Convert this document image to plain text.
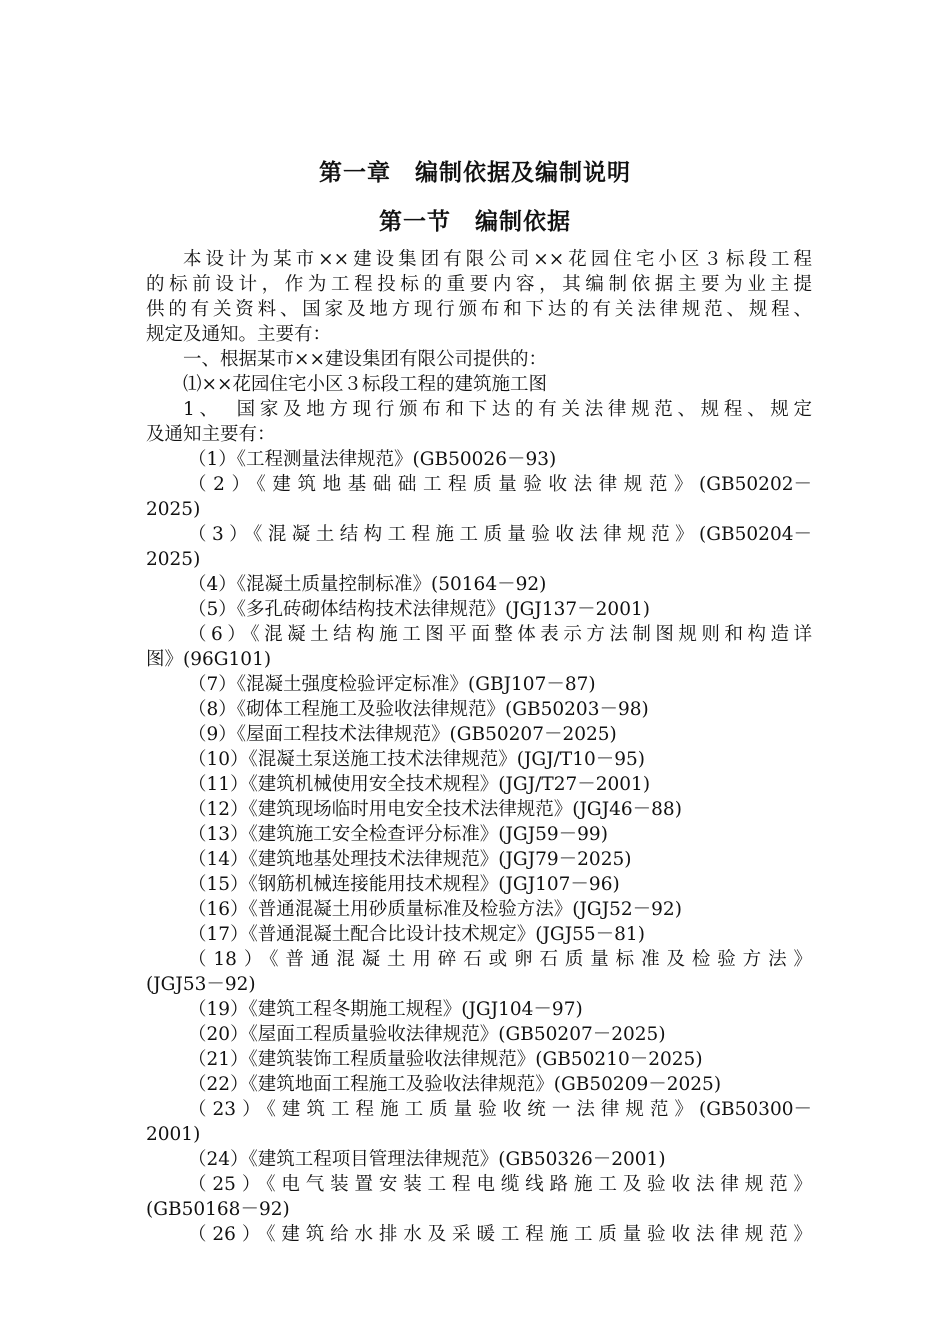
第一章　编制依据及编制说明
第一节　编制依据

本设计为某市××建设集团有限公司××花园住宅小区３标段工程

的标前设计，作为工程投标的重要内容，其编制依据主要为业主提

供的有关资料、国家及地方现行颁布和下达的有关法律规范、规程、

规定及通知。主要有：

一、根据某市××建设集团有限公司提供的：

⑴××花园住宅小区３标段工程的建筑施工图

1、　国家及地方现行颁布和下达的有关法律规范、规程、规定

及通知主要有：

（1）《工程测量法律规范》(GB50026－93)

（2）《建筑地基础础工程质量验收法律规范》(GB50202－

2025)

（3）《混凝土结构工程施工质量验收法律规范》(GB50204－

2025)

（4）《混凝土质量控制标准》(50164－92)

（5）《多孔砖砌体结构技术法律规范》(JGJ137－2001)

（6）《混凝土结构施工图平面整体表示方法制图规则和构造详

图》(96G101)

（7）《混凝土强度检验评定标准》(GBJ107－87)

（8）《砌体工程施工及验收法律规范》(GB50203－98)

（9）《屋面工程技术法律规范》(GB50207－2025)

（10）《混凝土泵送施工技术法律规范》(JGJ/T10－95)

（11）《建筑机械使用安全技术规程》(JGJ/T27－2001)

（12）《建筑现场临时用电安全技术法律规范》(JGJ46－88)

（13）《建筑施工安全检查评分标准》(JGJ59－99)

（14）《建筑地基处理技术法律规范》(JGJ79－2025)

（15）《钢筋机械连接能用技术规程》(JGJ107－96)

（16）《普通混凝土用砂质量标准及检验方法》(JGJ52－92)

（17）《普通混凝土配合比设计技术规定》(JGJ55－81)

（18）《普通混凝土用碎石或卵石质量标准及检验方法》

(JGJ53－92)

（19）《建筑工程冬期施工规程》(JGJ104－97)

（20）《屋面工程质量验收法律规范》(GB50207－2025)

（21）《建筑装饰工程质量验收法律规范》(GB50210－2025)

（22）《建筑地面工程施工及验收法律规范》(GB50209－2025)

（23）《建筑工程施工质量验收统一法律规范》(GB50300－

2001)

（24）《建筑工程项目管理法律规范》(GB50326－2001)

（25）《电气装置安装工程电缆线路施工及验收法律规范》

(GB50168－92)

（26）《建筑给水排水及采暖工程施工质量验收法律规范》
